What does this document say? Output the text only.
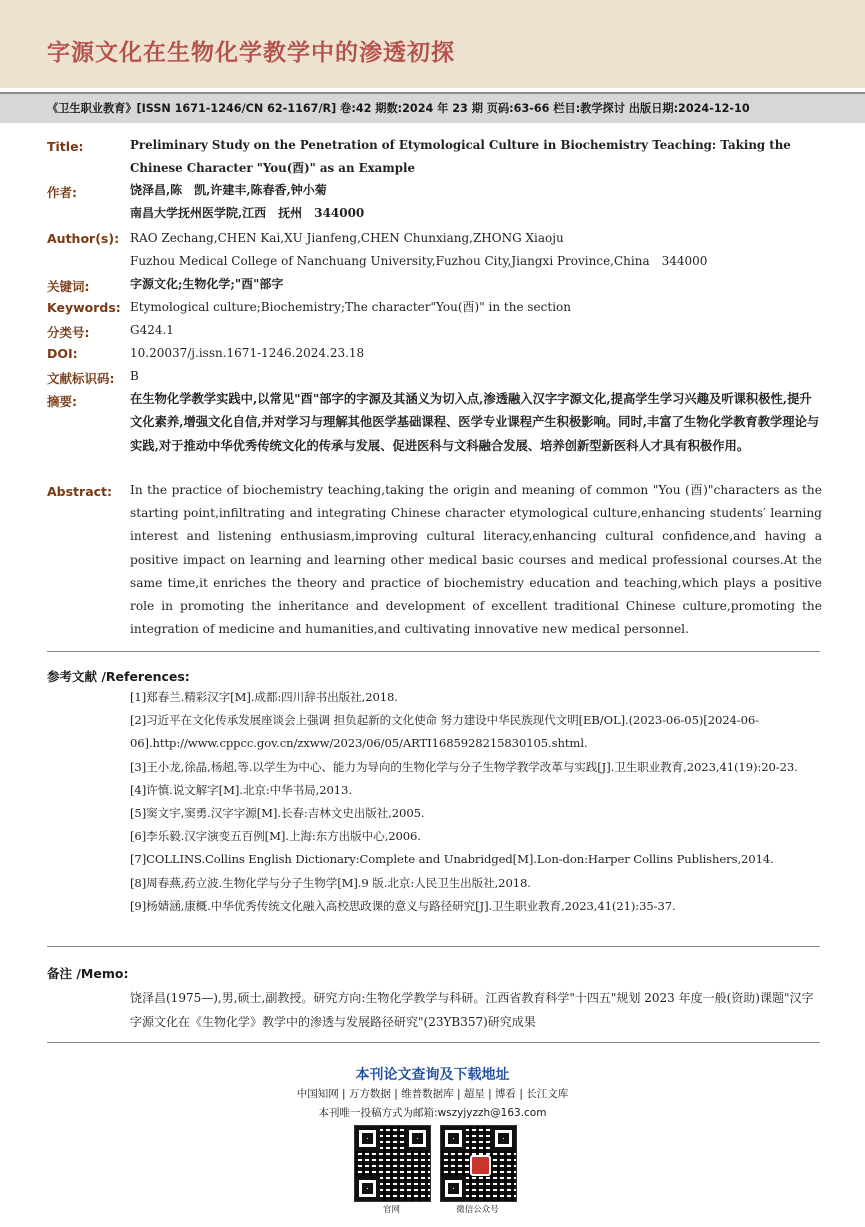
字源文化在生物化学教学中的渗透初探
《卫生职业教育》[ISSN 1671-1246/CN 62-1167/R] 卷:42 期数:2024 年 23 期 页码:63-66 栏目:教学探讨 出版日期:2024-12-10
Title:	Preliminary Study on the Penetration of Etymological Culture in Biochemistry Teaching: Taking the Chinese Character "You(酉)" as an Example
作者:	饶泽昌,陈　凯,许建丰,陈春香,钟小菊
南昌大学抚州医学院,江西　抚州　344000
Author(s): RAO Zechang,CHEN Kai,XU Jianfeng,CHEN Chunxiang,ZHONG Xiaoju
Fuzhou Medical College of Nanchuang University,Fuzhou City,Jiangxi Province,China　344000
关键词:	字源文化;生物化学;"酉"部字
Keywords: Etymological culture;Biochemistry;The character"You(酉)" in the section
分类号:	G424.1
DOI:	10.20037/j.issn.1671-1246.2024.23.18
文献标识码: B
摘要:	在生物化学教学实践中,以常见"酉"部字的字源及其涵义为切入点,渗透融入汉字字源文化,提高学生学习兴趣及听课积极性,提升文化素养,增强文化自信,并对学习与理解其他医学基础课程、医学专业课程产生积极影响。同时,丰富了生物化学教育教学理论与实践,对于推动中华优秀传统文化的传承与发展、促进医科与文科融合发展、培养创新型新医科人才具有积极作用。
Abstract: In the practice of biochemistry teaching,taking the origin and meaning of common "You (酉)"characters as the starting point,infiltrating and integrating Chinese character etymological culture,enhancing students′ learning interest and listening enthusiasm,improving cultural literacy,enhancing cultural confidence,and having a positive impact on learning and learning other medical basic courses and medical professional courses.At the same time,it enriches the theory and practice of biochemistry education and teaching,which plays a positive role in promoting the inheritance and development of excellent traditional Chinese culture,promoting the integration of medicine and humanities,and cultivating innovative new medical personnel.
参考文献 /References:
[1]郑春兰.精彩汉字[M].成都:四川辞书出版社,2018.
[2]习近平在文化传承发展座谈会上强调 担负起新的文化使命 努力建设中华民族现代文明[EB/OL].(2023-06-05)[2024-06-06].http://www.cppcc.gov.cn/zxww/2023/06/05/ARTI1685928215830105.shtml.
[3]王小龙,徐晶,杨超,等.以学生为中心、能力为导向的生物化学与分子生物学教学改革与实践[J].卫生职业教育,2023,41(19):20-23.
[4]许慎.说文解字[M].北京:中华书局,2013.
[5]窦文宇,窦勇.汉字字源[M].长春:吉林文史出版社,2005.
[6]李乐毅.汉字演变五百例[M].上海:东方出版中心,2006.
[7]COLLINS.Collins English Dictionary:Complete and Unabridged[M].Lon-don:Harper Collins Publishers,2014.
[8]周春燕,药立波.生物化学与分子生物学[M].9 版.北京:人民卫生出版社,2018.
[9]杨婧涵,康概.中华优秀传统文化融入高校思政课的意义与路径研究[J].卫生职业教育,2023,41(21):35-37.
备注 /Memo:
饶泽昌(1975—),男,硕士,副教授。研究方向:生物化学教学与科研。江西省教育科学"十四五"规划 2023 年度一般(资助)课题"汉字字源文化在《生物化学》教学中的渗透与发展路径研究"(23YB357)研究成果
本刊论文查询及下载地址
中国知网 | 万方数据 | 维普数据库 | 超星 | 博看 | 长江文库
本刊唯一投稿方式为邮箱:wszyjyzzh@163.com
官网	微信公众号
